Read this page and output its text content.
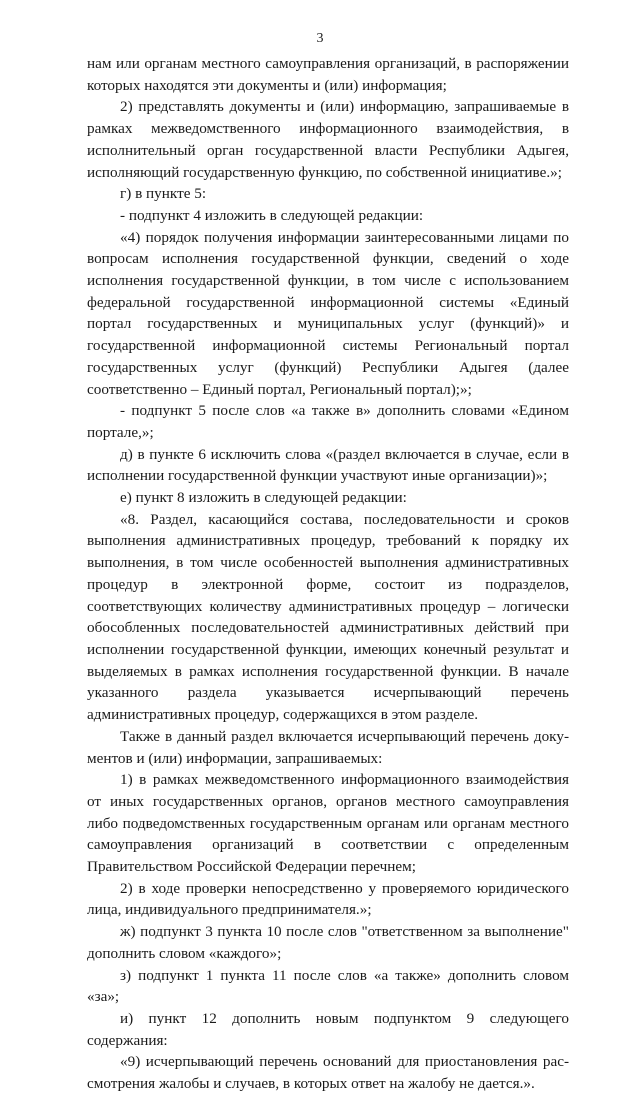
3

нам или органам местного самоуправления организаций, в распоряжении которых находятся эти документы и (или) информация;

2) представлять документы и (или) информацию, запрашиваемые в рамках межведомственного информационного взаимодействия, в исполнительный орган государственной власти Республики Адыгея, исполняющий государственную функцию, по собственной инициативе.»;

г) в пункте 5:

- подпункт 4 изложить в следующей редакции:

«4) порядок получения информации заинтересованными лицами по вопросам исполнения государственной функции, сведений о ходе исполнения государственной функции, в том числе с использованием федеральной государственной информационной системы «Единый портал государственных и муниципальных услуг (функций)» и государственной информационной системы Региональный портал государственных услуг (функций) Республики Адыгея (далее соответственно – Единый портал, Региональный портал);»;

- подпункт 5 после слов «а также в» дополнить словами «Едином портале,»;

д) в пункте 6 исключить слова «(раздел включается в случае, если в исполнении государственной функции участвуют иные организации)»;

е) пункт 8 изложить в следующей редакции:

«8. Раздел, касающийся состава, последовательности и сроков выполнения административных процедур, требований к порядку их выполнения, в том числе особенностей выполнения административных процедур в электронной форме, состоит из подразделов, соответствующих количеству административных процедур – логически обособленных последовательностей административных действий при исполнении государственной функции, имеющих конечный результат и выделяемых в рамках исполнения государственной функции. В начале указанного раздела указывается исчерпывающий перечень административных процедур, содержащихся в этом разделе.

Также в данный раздел включается исчерпывающий перечень документов и (или) информации, запрашиваемых:

1) в рамках межведомственного информационного взаимодействия от иных государственных органов, органов местного самоуправления либо подведомственных государственным органам или органам местного самоуправления организаций в соответствии с определенным Правительством Российской Федерации перечнем;

2) в ходе проверки непосредственно у проверяемого юридического лица, индивидуального предпринимателя.»;

ж) подпункт 3 пункта 10 после слов "ответственном за выполнение" дополнить словом «каждого»;

з) подпункт 1 пункта 11 после слов «а также» дополнить словом «за»;

и) пункт 12 дополнить новым подпунктом 9 следующего содержания:

«9) исчерпывающий перечень оснований для приостановления рассмотрения жалобы и случаев, в которых ответ на жалобу не дается.».
